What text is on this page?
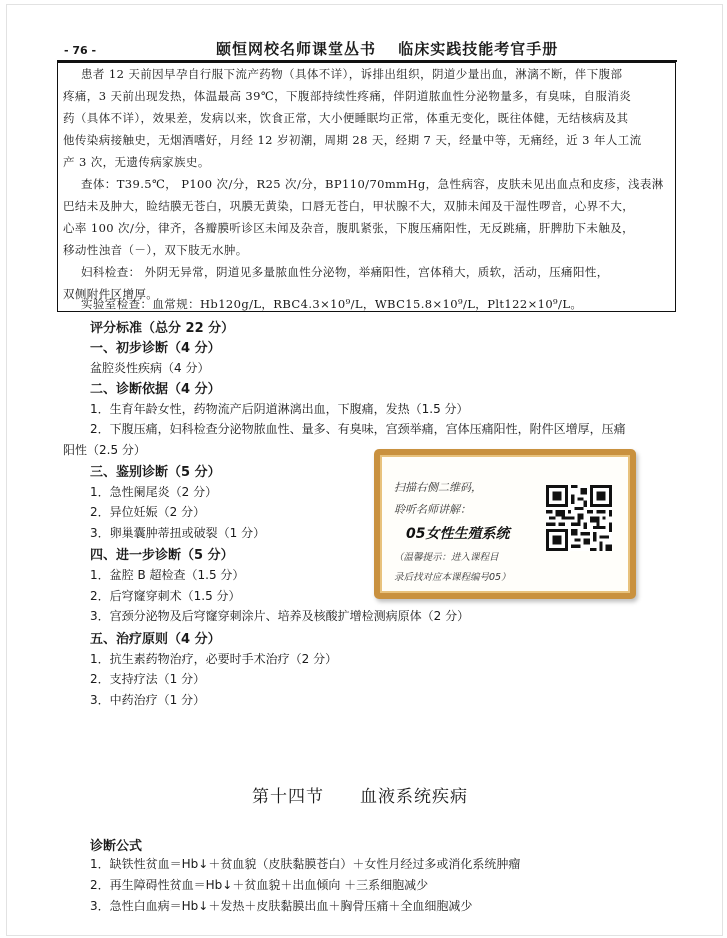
- 76 -	颐恒网校名师课堂丛书　 临床实践技能考官手册
患者 12 天前因早孕自行服下流产药物（具体不详），诉排出组织，阴道少量出血，淋漓不断，伴下腹部
疼痛，3 天前出现发热，体温最高 39℃，下腹部持续性疼痛，伴阴道脓血性分泌物量多，有臭味，自服消炎
药（具体不详），效果差，发病以来，饮食正常，大小便睡眠均正常，体重无变化，既往体健，无结核病及其
他传染病接触史，无烟酒嗜好，月经 12 岁初潮，周期 28 天，经期 7 天，经量中等，无痛经，近 3 年人工流
产 3 次，无遗传病家族史。
查体：T39.5℃， P100 次/分，R25 次/分，BP110/70mmHg，急性病容，皮肤未见出血点和皮疹，浅表淋
巴结未及肿大，睑结膜无苍白，巩膜无黄染，口唇无苍白，甲状腺不大，双肺未闻及干湿性啰音，心界不大，
心率 100 次/分，律齐，各瓣膜听诊区未闻及杂音，腹肌紧张，下腹压痛阳性，无反跳痛，肝脾肋下未触及，
移动性浊音（－），双下肢无水肿。
妇科检查： 外阴无异常，阴道见多量脓血性分泌物，举痛阳性，宫体稍大，质软，活动，压痛阳性，
双侧附件区增厚。
实验室检查：血常规：Hb120g/L，RBC4.3×10⁹/L，WBC15.8×10⁹/L，Plt122×10⁹/L。
评分标准（总分 22 分）
一、初步诊断（4 分）
盆腔炎性疾病（4 分）
二、诊断依据（4 分）
1．生育年龄女性，药物流产后阴道淋漓出血，下腹痛，发热（1.5 分）
2．下腹压痛，妇科检查分泌物脓血性、量多、有臭味，宫颈举痛，宫体压痛阳性，附件区增厚，压痛
阳性（2.5 分）
三、鉴别诊断（5 分）
1．急性阑尾炎（2 分）
2．异位妊娠（2 分）
3．卵巢囊肿蒂扭或破裂（1 分）
四、进一步诊断（5 分）
1．盆腔 B 超检查（1.5 分）
2．后穹窿穿刺术（1.5 分）
3．宫颈分泌物及后穹窿穿刺涂片、培养及核酸扩增检测病原体（2 分）
五、治疗原则（4 分）
1．抗生素药物治疗，必要时手术治疗（2 分）
2．支持疗法（1 分）
3．中药治疗（1 分）
扫描右侧二维码，
聆听名师讲解：
05女性生殖系统
（温馨提示：进入课程目
录后找对应本课程编号05）
第十四节　　血液系统疾病
诊断公式
1．缺铁性贫血＝Hb↓＋贫血貌（皮肤黏膜苍白）＋女性月经过多或消化系统肿瘤
2．再生障碍性贫血＝Hb↓＋贫血貌＋出血倾向 ＋三系细胞减少
3．急性白血病＝Hb↓＋发热＋皮肤黏膜出血＋胸骨压痛＋全血细胞减少
